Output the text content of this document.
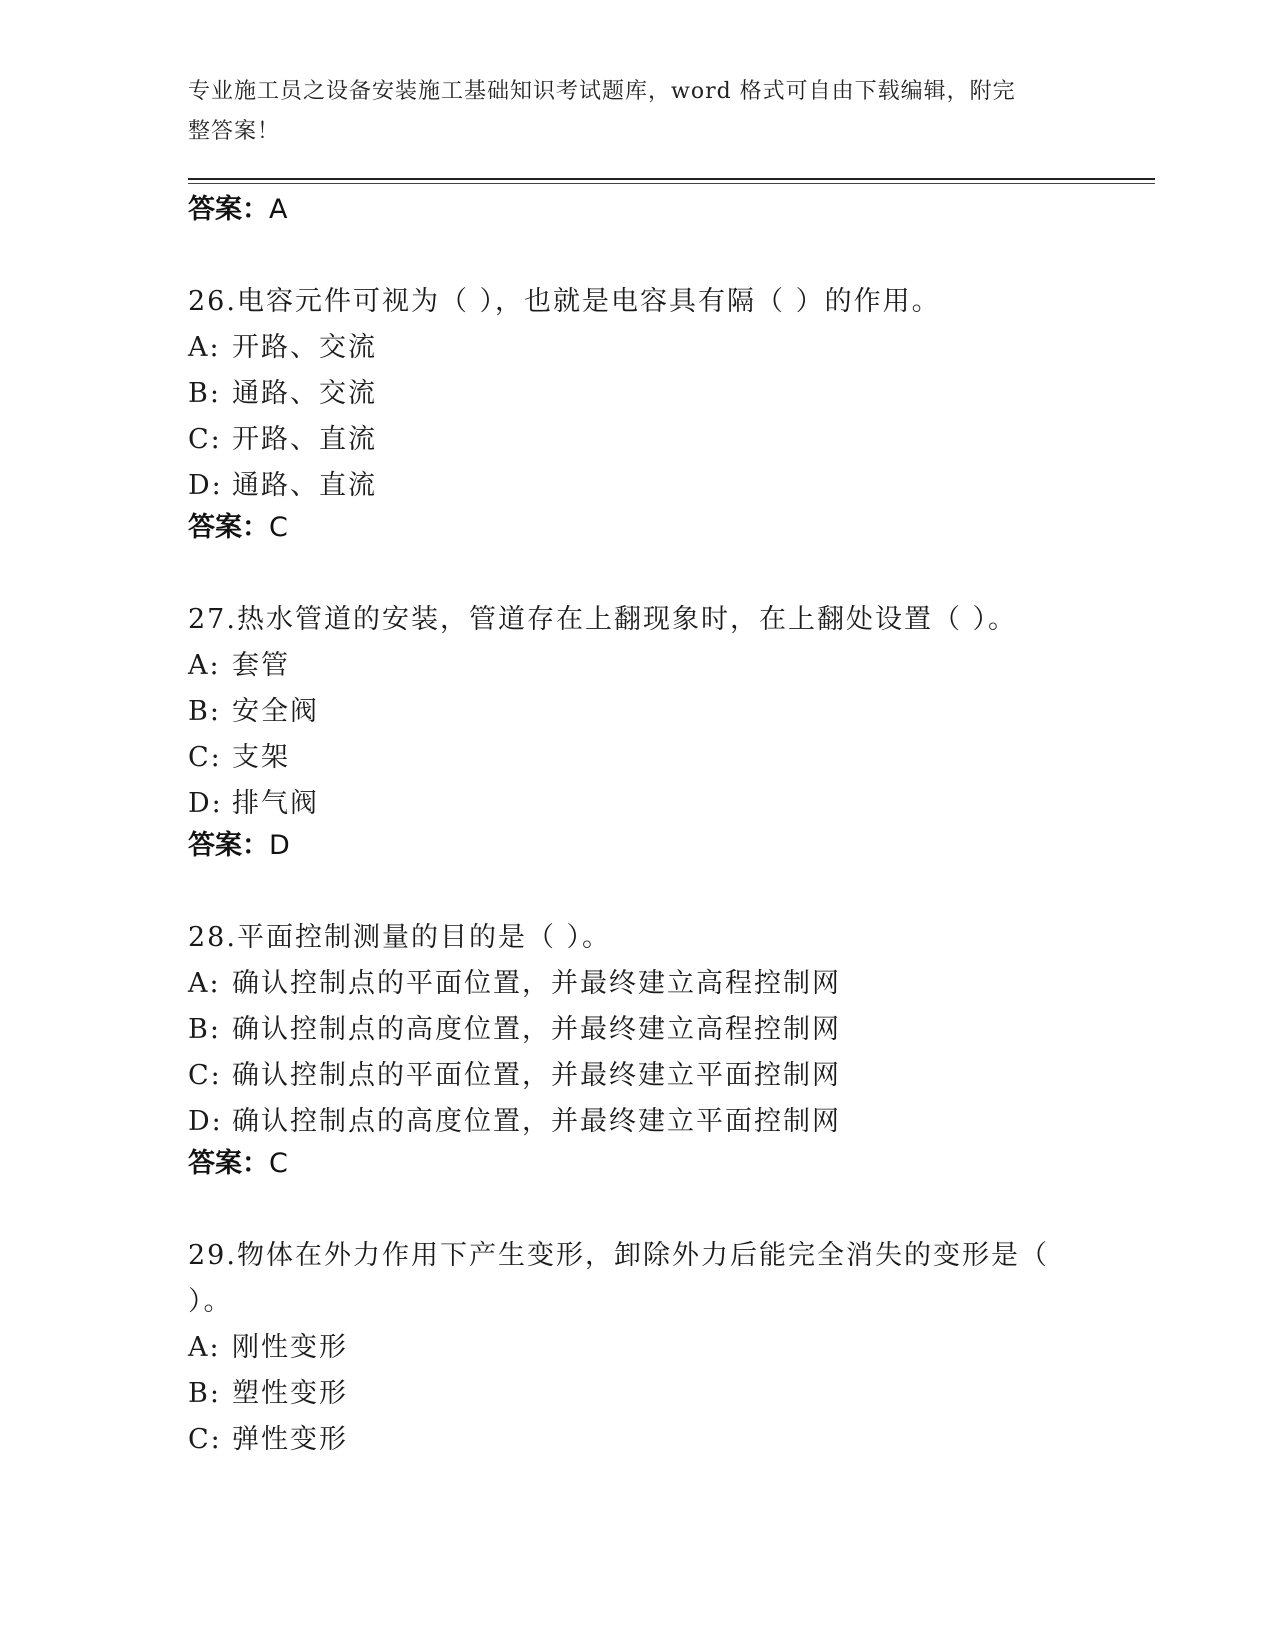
专业施工员之设备安装施工基础知识考试题库，word 格式可自由下载编辑，附完
整答案！
答案：A
26.电容元件可视为（ ），也就是电容具有隔（ ）的作用。
A: 开路、交流
B: 通路、交流
C: 开路、直流
D: 通路、直流
答案：C
27.热水管道的安装，管道存在上翻现象时，在上翻处设置（ ）。
A: 套管
B: 安全阀
C: 支架
D: 排气阀
答案：D
28.平面控制测量的目的是（ ）。
A: 确认控制点的平面位置，并最终建立高程控制网
B: 确认控制点的高度位置，并最终建立高程控制网
C: 确认控制点的平面位置，并最终建立平面控制网
D: 确认控制点的高度位置，并最终建立平面控制网
答案：C
29.物体在外力作用下产生变形，卸除外力后能完全消失的变形是（ ）。
A: 刚性变形
B: 塑性变形
C: 弹性变形
